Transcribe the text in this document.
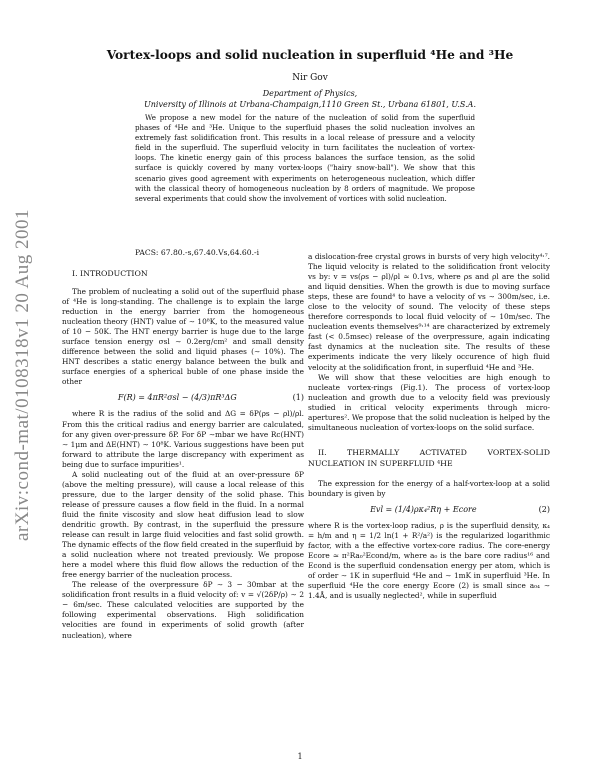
arXiv:cond-mat/0108318v1 20 Aug 2001
Vortex-loops and solid nucleation in superfluid ⁴He and ³He
Nir Gov
Department of Physics,
University of Illinois at Urbana-Champaign,1110 Green St., Urbana 61801, U.S.A.

We propose a new model for the nature of the nucleation of solid from the superfluid phases of ⁴He and ³He. Unique to the superfluid phases the solid nucleation involves an extremely fast solidification front. This results in a local release of pressure and a velocity field in the superfluid. The superfluid velocity in turn facilitates the nucleation of vortex-loops. The kinetic energy gain of this process balances the surface tension, as the solid surface is quickly covered by many vortex-loops ("hairy snow-ball"). We show that this scenario gives good agreement with experiments on heterogeneous nucleation, which differ with the classical theory of homogeneous nucleation by 8 orders of magnitude. We propose several experiments that could show the involvement of vortices with solid nucleation.

PACS: 67.80.-s,67.40.Vs,64.60.-i

I. INTRODUCTION

The problem of nucleating a solid out of the superfluid phase of ⁴He is long-standing. The challenge is to explain the large reduction in the energy barrier from the homogeneous nucleation theory (HNT) value of ∼ 10⁸K, to the measured value of 10 − 50K. The HNT energy barrier is huge due to the large surface tension energy σsl ∼ 0.2erg/cm² and small density difference between the solid and liquid phases (∼ 10%). The HNT describes a static energy balance between the bulk and surface energies of a spherical buble of one phase inside the other

F(R) = 4πR²σsl − (4/3)πR³ΔG	(1)

where R is the radius of the solid and ΔG = δP(ρs − ρl)/ρl. From this the critical radius and energy barrier are calculated, for any given over-pressure δP. For δP ∼mbar we have Rc(HNT) ∼ 1μm and ΔE(HNT) ∼ 10⁸K. Various suggestions have been put forward to attribute the large discrepancy with experiment as being due to surface impurities¹.

A solid nucleating out of the fluid at an over-pressure δP (above the melting pressure), will cause a local release of this pressure, due to the larger density of the solid phase. This release of pressure causes a flow field in the fluid. In a normal fluid the finite viscosity and slow heat diffusion lead to slow dendritic growth. By contrast, in the superfluid the pressure release can result in large fluid velocities and fast solid growth. The dynamic effects of the flow field created in the superfluid by a solid nucleation where not treated previously. We propose here a model where this fluid flow allows the reduction of the free energy barrier of the nucleation process.

The release of the overpressure δP ∼ 3 − 30mbar at the solidification front results in a fluid velocity of: v = √(2δP/ρ) ∼ 2 − 6m/sec. These calculated velocities are supported by the following experimental observations. High solidification velocities are found in experiments of solid growth (after nucleation), where

a dislocation-free crystal grows in bursts of very high velocity⁴˒⁷. The liquid velocity is related to the solidification front velocity vs by: v = vs(ρs − ρl)/ρl ≃ 0.1vs, where ρs and ρl are the solid and liquid densities. When the growth is due to moving surface steps, these are found⁴ to have a velocity of vs ∼ 300m/sec, i.e. close to the velocity of sound. The velocity of these steps therefore corresponds to local fluid velocity of ∼ 10m/sec. The nucleation events themselves⁹˒¹⁴ are characterized by extremely fast (< 0.5msec) release of the overpressure, again indicating fast dynamics at the nucleation site. The results of these experiments indicate the very likely occurence of high fluid velocity at the solidification front, in superfluid ⁴He and ³He.

We will show that these velocities are high enough to nucleate vortex-rings (Fig.1). The process of vortex-loop nucleation and growth due to a velocity field was previously studied in critical velocity experiments through micro-apertures². We propose that the solid nucleation is helped by the simultaneous nucleation of vortex-loops on the solid surface.

II. THERMALLY ACTIVATED VORTEX-SOLID NUCLEATION IN SUPERFLUID ⁴HE

The expression for the energy of a half-vortex-loop at a solid boundary is given by

Evl = (1/4)ρκ₄²Rη + Ecore	(2)

where R is the vortex-loop radius, ρ is the superfluid density, κ₄ = h/m and η = 1/2 ln(1 + R²/a²) is the regularized logarithmic factor, with a the effective vortex-core radius. The core-energy Ecore ≃ π²Ra₀²Econd/m, where a₀ is the bare core radius¹⁶ and Econd is the superfluid condensation energy per atom, which is of order ∼ 1K in superfluid ⁴He and ∼ 1mK in superfluid ³He. In superfluid ⁴He the core energy Ecore (2) is small since a₀₄ ∼ 1.4Å, and is usually neglected², while in superfluid

1
